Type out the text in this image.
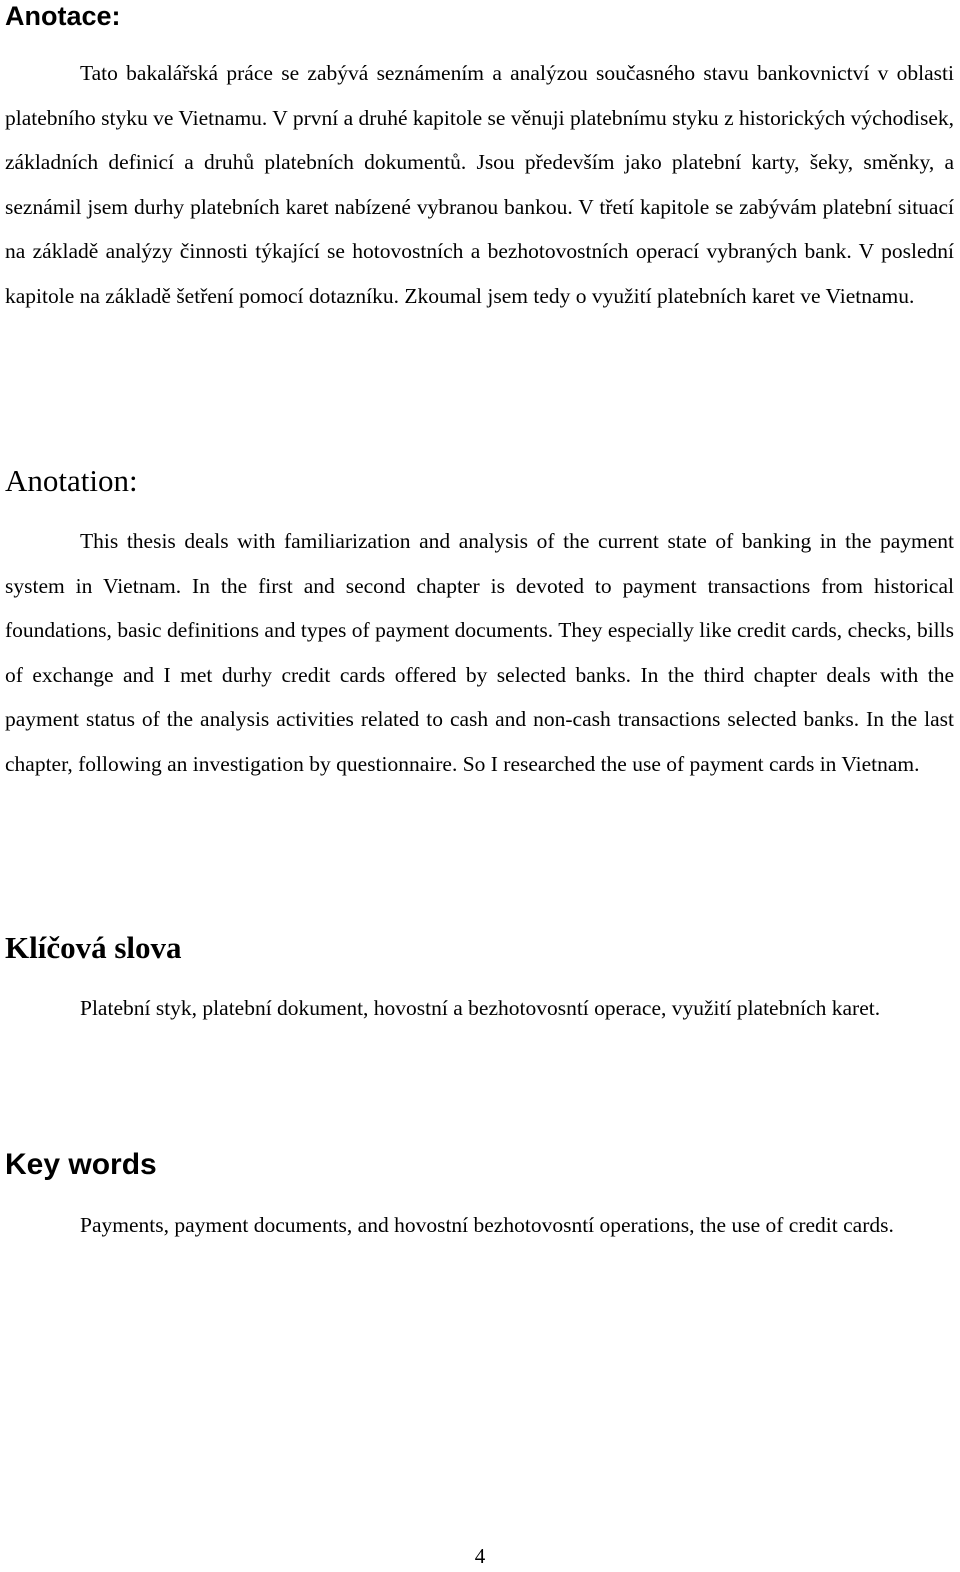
Anotace:

Tato bakalářská práce se zabývá seznámením a analýzou současného stavu bankovnictví v oblasti platebního styku ve Vietnamu. V první a druhé kapitole se věnuji platebnímu styku z historických východisek, základních definicí a druhů platebních dokumentů. Jsou především jako platební karty, šeky, směnky, a seznámil jsem durhy platebních karet nabízené vybranou bankou. V třetí kapitole se zabývám platební situací na základě analýzy činnosti týkající se hotovostních a bezhotovostních operací vybraných bank. V poslední kapitole na základě šetření pomocí dotazníku. Zkoumal jsem tedy o využití platebních karet ve Vietnamu.

Anotation:

This thesis deals with familiarization and analysis of the current state of banking in the payment system in Vietnam. In the first and second chapter is devoted to payment transactions from historical foundations, basic definitions and types of payment documents. They especially like credit cards, checks, bills of exchange and I met durhy credit cards offered by selected banks. In the third chapter deals with the payment status of the analysis activities related to cash and non-cash transactions selected banks. In the last chapter, following an investigation by questionnaire. So I researched the use of payment cards in Vietnam.

Klíčová slova

Platební styk, platební dokument, hovostní a bezhotovosntí operace, využití platebních karet.

Key words

Payments, payment documents, and hovostní bezhotovosntí operations, the use of credit cards.

4
